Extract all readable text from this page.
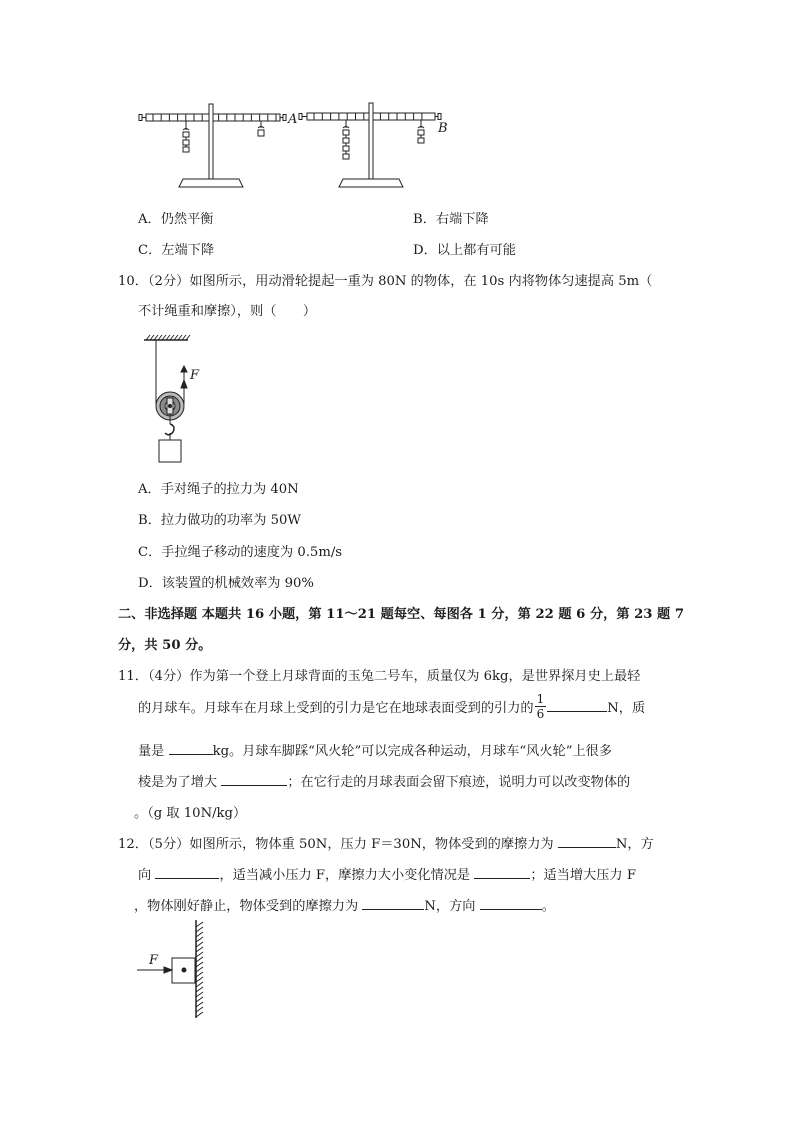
A
B
A．仍然平衡	B．右端下降
C．左端下降	D．以上都有可能
10．（2分）如图所示，用动滑轮提起一重为 80N 的物体，在 10s 内将物体匀速提高 5m（
不计绳重和摩擦），则（　　）
F
A．手对绳子的拉力为 40N
B．拉力做功的功率为 50W
C．手拉绳子移动的速度为 0.5m/s
D．该装置的机械效率为 90%
二、非选择题 本题共 16 小题，第 11～21 题每空、每图各 1 分，第 22 题 6 分，第 23 题 7
分，共 50 分。
11．（4分）作为第一个登上月球背面的玉兔二号车，质量仅为 6kg，是世界探月史上最轻
的月球车。月球车在月球上受到的引力是它在地球表面受到的引力的 $\frac{1}{6}$	N，质
量是	kg。月球车脚踩“风火轮”可以完成各种运动，月球车“风火轮”上很多
棱是为了增大	；在它行走的月球表面会留下痕迹，说明力可以改变物体的
。（g 取 10N/kg）
12．（5分）如图所示，物体重 50N，压力 F＝30N，物体受到的摩擦力为	N，方
向	，适当减小压力 F，摩擦力大小变化情况是	；适当增大压力 F
，物体刚好静止，物体受到的摩擦力为	N，方向	。
F
